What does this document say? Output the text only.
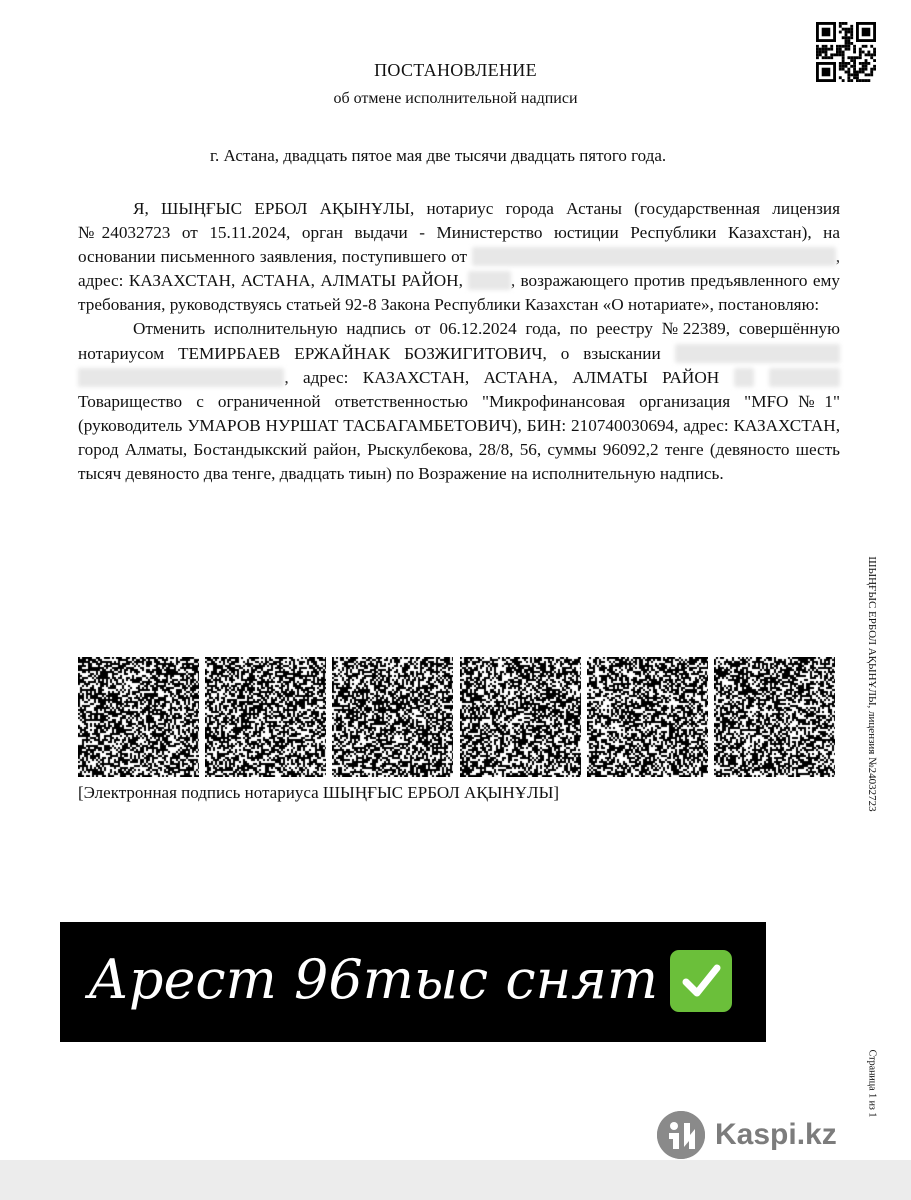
ПОСТАНОВЛЕНИЕ
об отмене исполнительной надписи
г. Астана, двадцать пятое мая две тысячи двадцать пятого года.

Я, ШЫҢҒЫС ЕРБОЛ АҚЫНҰЛЫ, нотариус города Астаны (государственная лицензия №24032723 от 15.11.2024, орган выдачи - Министерство юстиции Республики Казахстан), на основании письменного заявления, поступившего от	, адрес: КАЗАХСТАН, АСТАНА, АЛМАТЫ РАЙОН,	, возражающего против предъявленного ему требования, руководствуясь статьей 92-8 Закона Республики Казахстан «О нотариате», постановляю:

Отменить исполнительную надпись от 06.12.2024 года, по реестру №22389, совершённую нотариусом ТЕМИРБАЕВ ЕРЖАЙНАК БОЗЖИГИТОВИЧ, о взыскании , адрес: КАЗАХСТАН, АСТАНА, АЛМАТЫ РАЙОН Товарищество с ограниченной ответственностью "Микрофинансовая организация "MFO№1" (руководитель УМАРОВ НУРШАТ ТАСБАГАМБЕТОВИЧ), БИН: 210740030694, адрес: КАЗАХСТАН, город Алматы, Бостандыкский район, Рыскулбекова, 28/8, 56, суммы 96092,2 тенге (девяносто шесть тысяч девяносто два тенге, двадцать тиын) по Возражение на исполнительную надпись.

[Электронная подпись нотариуса ШЫҢҒЫС ЕРБОЛ АҚЫНҰЛЫ]	ШЫҢҒЫС ЕРБОЛ АҚЫНҰЛЫ, лицензия №24032723
Страница 1 из 1
Арест 96тыс снят
Kaspi.kz
